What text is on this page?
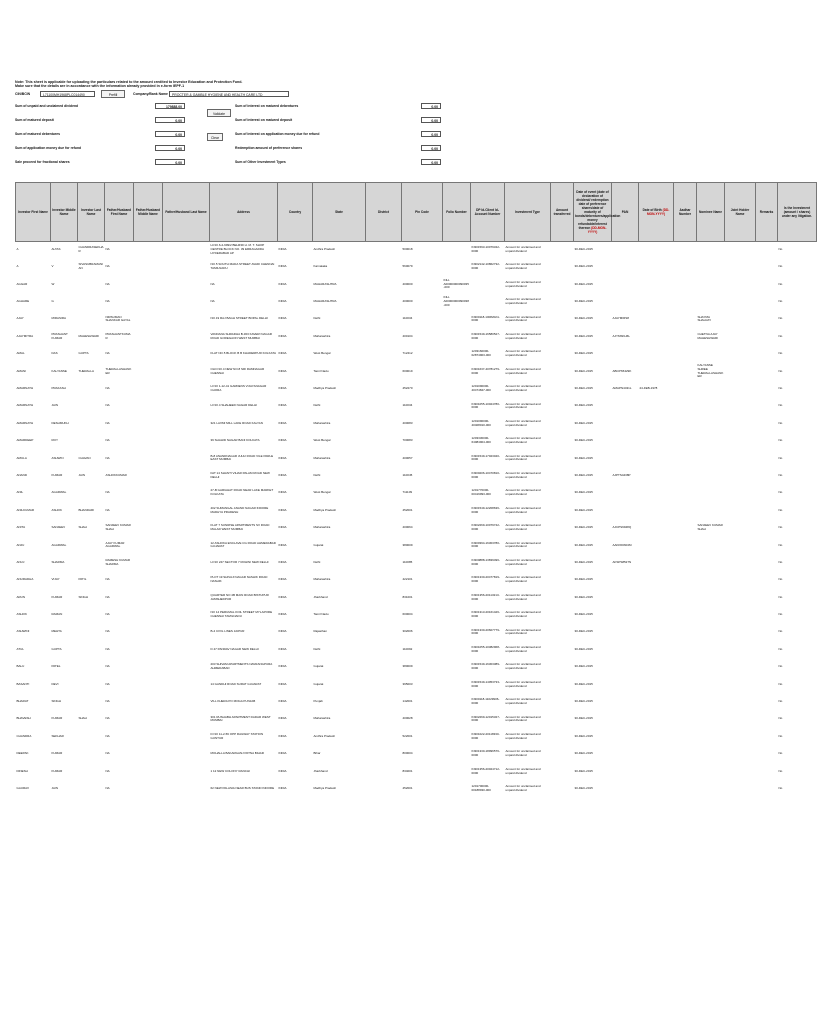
Note: This sheet is applicable for uploading the particulars related to the amount credited to Investor Education and Protection Fund.
Make sure that the details are in accordance with the information already provided in e-form IEPF-1
CIN/BCIN	L71100MH1968PLC014490	Prefill	Company/Bank Name	PROCTER & GAMBLE HYGIENE AND HEALTH CARE LTD
Sum of unpaid and unclaimed dividend	179888.00
Sum of matured deposit	0.00
Sum of matured debentures	0.00
Sum of application money due for refund	0.00
Sale proceed for fractional shares	0.00
Validate
Clear
Sum of interest on matured debentures	0.00
Sum of interest on matured deposit	0.00
Sum of interest on application money due for refund	0.00
Redemption amount of preference shares	0.00
Sum of Other Investment Types	0.00
Investor First Name	Investor Middle Name	Investor Last Name	Father/Husband First Name	Father/Husband Middle Name	Father/Husband Last Name	Address	Country	State	District	Pin Code	Folio Number	DP Id-Client Id-Account Number	Investment Type	Amount transferred	Date of event (date of declaration of dividend/ redemption date of preference shares/date of maturity of bonds/debentures/application money refundable/interest thereon (DD-MON-YYYY)	PAN	Date of Birth (DD-MON-YYYY)	Aadhar Number	Nominee Name	Joint Holder Name	Remarks	Is the Investment (amount / shares) under any litigation.
A	ALTAS	CHANDRASEKHAR	NA			H.NO.6-2-999/2 BEHIND H. M. T. SHOP CENTRE BLOCK NO. 39 ERRAGADDA HYDERABAD AP	INDIA	Andhra Pradesh		500018		IN301593-10079342-0000	Amount for unclaimed and unpaid dividend		30-DEC-2015							No
A	V	SIVASUBRAMANIAN	NA			NO.5 SOUTH MADA STREET AVADI CHENNAI TAMILNADU	INDIA	Karnataka		560079		IN302142-10862732-0000	Amount for unclaimed and unpaid dividend		30-DEC-2015							No
AGGAR	W		NA			NA	INDIA	MAHARASHTRA		400000	INH-A00000000090035-000		Amount for unclaimed and unpaid dividend		30-DEC-2015							No
AGHARE	G		NA			NA	INDIA	MAHARASHTRA		400000	INH-A00000000090038-000		Amount for unclaimed and unpaid dividend		30-DEC-2015							No
AJAY	MIRASIRA		NIRSUMAN SHANKAR GAYAL			NO.19 RAJ BAGH STREET BOPAL DELHI	INDIA	Delhi		110034		IN300118-10082024-0000	Amount for unclaimed and unpaid dividend		30-DEC-2015	AJAYMIRS8			SHAYMA SHAHJAY			No
AJAYMITRA	PRASHANT KUMAR	MAHESHWARI	PRASHANTKUMAR			VANDANA SHRADHA B-303 KAVERI NAGAR ROAD GOREGAON WEST MUMBAI	INDIA	Maharashtra		400104		IN301549-16580527-0000	Amount for unclaimed and unpaid dividend		30-DEC-2015	AJYMSKH6L			CHETNA AJAY MAHESHWARI			No
AMAL	DAS	GUPTA	NA			FLAT NO.5 BLOCK B B KHADERPUR KOLKATA	INDIA	West Bengal		712412		1203160000-02874903-000	Amount for unclaimed and unpaid dividend		30-DEC-2015							No
AMANI	KALYANSE	THERALLA	THERALLASHANKER			OLD NO.4 NEW NO.8 SRI RAMNAGAR CHENNAI	INDIA	Tamil Nadu		600019		IN301637-40781279-0000	Amount for unclaimed and unpaid dividend		30-DEC-2015	ABCPS5429K			KALYANSE SHREE THERALLASHANKER			No
AMARNATH	PRAKASH		NA			H NO 1-12-41 GARDENS VIJAYANAGAR CHORA	INDIA	Madhya Pradesh		452270		1201090000-40474847-000	Amount for unclaimed and unpaid dividend		30-DEC-2015	AMAPN4431L	24-FEB-1978					No
AMARNATH	JAIN		NA			H NO.4 SHAHEED NAGAR DELHI	INDIA	Delhi		110034		IN301055-10024780-0000	Amount for unclaimed and unpaid dividend		30-DEC-2015							No
AMARNATH	DESHMUKH		NA			321 LAXMI MILL LAKE ROAD KALYAN	INDIA	Maharashtra		400083		1201090000-40408010-000	Amount for unclaimed and unpaid dividend		30-DEC-2015							No
AMARDEEP	ROY		NA			39 SHAHID NAGAR BANI KOLKATA	INDIA	West Bengal		700083		1203330000-64084904-000	Amount for unclaimed and unpaid dividend		30-DEC-2015							No
AMULA	ASHWIN	CHAVAN	NA			B-8 ANANDNAGAR JUHU ROAD VILE PARLE EAST MUMBAI	INDIA	Maharashtra		400057		IN301549-17023040-0000	Amount for unclaimed and unpaid dividend		30-DEC-2015							No
ANAND	KUMAR	JAIN	ASHOKKUMAR			FAT 14 SHANTI VIHAR PALAM ROAD NEW DELHI	INDIA	Delhi		110045		IN300206-10470810-0000	Amount for unclaimed and unpaid dividend		30-DEC-2015	AJPTS4438P						No
ANIL	AGARWAL		NA			27-B GARIAHAT ROAD NEAR LAKE MARKET KOLKATA	INDIA	West Bengal		711109		1201770000-00419993-000	Amount for unclaimed and unpaid dividend		30-DEC-2015							No
ANILKUMAR	ASHOK	BHANDARI	NA			402 SUMANGAL ANAND NAGAR INDORE MADHYA PRADESH	INDIA	Madhya Pradesh		452001		IN301549-12208636-0000	Amount for unclaimed and unpaid dividend		30-DEC-2015							No
ANITA	SANJEEV	SHAH	SANJEEV KUMAR SHAH			FLAT 7 SUNRISE APARTMENTS SV ROAD MALAD WEST MUMBAI	INDIA	Maharashtra		400064		IN302269-10079742-0000	Amount for unclaimed and unpaid dividend		30-DEC-2015	AJCPS9948Q			SANJEEV KUMAR SHAH			No
ANJU	AGARWAL		AJAY KUMAR AGARWAL			12 ASHOKA ENCLAVE CG ROAD AHMEDABAD GUJARAT	INDIA	Gujarat		380009		IN300394-16303780-0000	Amount for unclaimed and unpaid dividend		30-DEC-2015	AAKPA6604M						No
ANUJ	SHARMA		RAMESH KUMAR SHARMA			H NO 247 SECTOR 7 ROHINI NEW DELHI	INDIA	Delhi		110085		IN300888-13839496-0000	Amount for unclaimed and unpaid dividend		30-DEC-2015	AFSPS8527N						No
ANURADHA	VIJAY	PATIL	NA			PLOT 19 SHIVAJI NAGAR NASHIK ROAD NASHIK	INDIA	Maharashtra		422101		IN301330-20477819-0000	Amount for unclaimed and unpaid dividend		30-DEC-2015							No
ARUN	KUMAR	SINGH	NA			QUARTER NO 4B MAIN ROAD BISTUPUR JAMSHEDPUR	INDIA	Jharkhand		831001		IN301356-20113213-0000	Amount for unclaimed and unpaid dividend		30-DEC-2015							No
ASHOK	RAMAN		NA			NO 14 PERUMAL KOIL STREET MYLAPORE CHENNAI TAMILNADU	INDIA	Tamil Nadu		600004		IN301313-20161426-0000	Amount for unclaimed and unpaid dividend		30-DEC-2015							No
ASHWINI	MEHTA		NA			B-4 CIVIL LINES JAIPUR	INDIA	Rajasthan		302006		IN301330-20607779-0000	Amount for unclaimed and unpaid dividend		30-DEC-2015							No
ATUL	GUPTA		NA			D 47 PANDAV NAGAR NEW DELHI	INDIA	Delhi		110092		IN301055-10382968-0000	Amount for unclaimed and unpaid dividend		30-DEC-2015							No
BALU	PATEL		NA			203 SHIVAM APARTMENTS NAVRANGPURA AHMEDABAD	INDIA	Gujarat		380009		IN301549-16303389-0000	Amount for unclaimed and unpaid dividend		30-DEC-2015							No
BASANTI	DEVI		NA			14 GANDHI ROAD SURAT GUJARAT	INDIA	Gujarat		395003		IN301549-14053733-0000	Amount for unclaimed and unpaid dividend		30-DEC-2015							No
BHARAT	SINGH		NA			VILL KHERA PO MOGA PUNJAB	INDIA	Punjab		142001		IN300118-11029906-0000	Amount for unclaimed and unpaid dividend		30-DEC-2015							No
BHAVESH	KUMAR	SHAH	NA			301 RUSHABH APARTMENT DADAR WEST MUMBAI	INDIA	Maharashtra		400028		IN302269-12015327-0000	Amount for unclaimed and unpaid dividend		30-DEC-2015							No
CHANDRA	SEKHAR		NA			D NO 11-2-56 OPP RAILWAY STATION GUNTUR	INDIA	Andhra Pradesh		522001		IN301022-20118330-0000	Amount for unclaimed and unpaid dividend		30-DEC-2015							No
DEEPAK	KUMAR		NA			MOHALLA BAKARGANJ PATNA BIHAR	INDIA	Bihar		800004		IN301330-18996576-0000	Amount for unclaimed and unpaid dividend		30-DEC-2015							No
DINESH	KUMAR		NA			1 12 NEW COLONY RANCHI	INDIA	Jharkhand		834001		IN301356-20024712-0000	Amount for unclaimed and unpaid dividend		30-DEC-2015							No
GAURAV	JAIN		NA			62 NEW PALASIA NEAR BUS STAND INDORE	INDIA	Madhya Pradesh		452001		1201700000-00188930-000	Amount for unclaimed and unpaid dividend		30-DEC-2015							No
